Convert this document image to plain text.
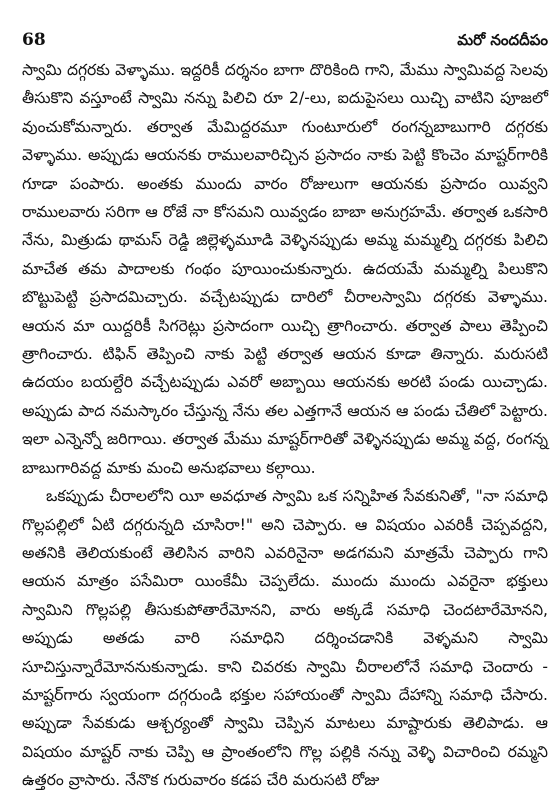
68	మరో నందదీపం

స్వామి దగ్గరకు వెళ్ళాము. ఇద్దరికీ దర్శనం బాగా దొరికింది గాని, మేము స్వామివద్ద సెలవు తీసుకొని వస్తూంటే స్వామి నన్ను పిలిచి రూ 2/-లు, ఐదుపైసలు యిచ్చి వాటిని పూజలో వుంచుకోమన్నారు. తర్వాత మేమిద్దరమూ గుంటూరులో రంగన్నబాబుగారి దగ్గరకు వెళ్ళాము. అప్పుడు ఆయనకు రాములవారిచ్చిన ప్రసాదం నాకు పెట్టి కొంచెం మాష్టర్‌గారికి గూడా పంపారు. అంతకు ముందు వారం రోజులుగా ఆయనకు ప్రసాదం యివ్వని రాములవారు సరిగా ఆ రోజే నా కోసమని యివ్వడం బాబా అనుగ్రహమే. తర్వాత ఒకసారి నేను, మిత్రుడు థామస్ రెడ్డి జిల్లెళ్ళమూడి వెళ్ళినప్పుడు అమ్మ మమ్మల్ని దగ్గరకు పిలిచి మాచేత తమ పాదాలకు గంథం పూయించుకున్నారు. ఉదయమే మమ్మల్ని పిలుకొని బొట్టుపెట్టి ప్రసాదమిచ్చారు. వచ్చేటప్పుడు దారిలో చీరాలస్వామి దగ్గరకు వెళ్ళాము. ఆయన మా యిద్దరికీ సిగరెట్లు ప్రసాదంగా యిచ్చి త్రాగించారు. తర్వాత పాలు తెప్పించి త్రాగించారు. టిఫిన్ తెప్పించి నాకు పెట్టి తర్వాత ఆయన కూడా తిన్నారు. మరుసటి ఉదయం బయల్దేరి వచ్చేటప్పుడు ఎవరో అబ్బాయి ఆయనకు అరటి పండు యిచ్చాడు. అప్పుడు పాద నమస్కారం చేస్తున్న నేను తల ఎత్తగానే ఆయన ఆ పండు చేతిలో పెట్టారు. ఇలా ఎన్నెన్నో జరిగాయి. తర్వాత మేము మాష్టర్‌గారితో వెళ్ళినప్పుడు అమ్మ వద్ద, రంగన్న బాబుగారివద్ద మాకు మంచి అనుభవాలు కల్గాయి.

ఒకప్పుడు చీరాలలోని యీ అవధూత స్వామి ఒక సన్నిహిత సేవకునితో, "నా సమాధి గొల్లపల్లిలో ఏటి దగ్గరున్నది చూసిరా!" అని చెప్పారు. ఆ విషయం ఎవరికీ చెప్పవద్దని, అతనికి తెలియకుంటే తెలిసిన వారిని ఎవరినైనా అడగమని మాత్రమే చెప్పారు గాని ఆయన మాత్రం పసేమిరా యింకేమీ చెప్పలేదు. ముందు ముందు ఎవరైనా భక్తులు స్వామిని గొల్లపల్లి తీసుకుపోతారేమోనని, వారు అక్కడే సమాధి చెందటారేమోనని, అప్పుడు అతడు వారి సమాధిని దర్శించడానికి వెళ్ళమని స్వామి సూచిస్తున్నారేమోననుకున్నాడు. కాని చివరకు స్వామి చీరాలలోనే సమాధి చెందారు - మాష్టర్‌గారు స్వయంగా దగ్గరుండి భక్తుల సహాయంతో స్వామి దేహాన్ని సమాధి చేసారు. అప్పుడా సేవకుడు ఆశ్చర్యంతో స్వామి చెప్పిన మాటలు మాష్టారుకు తెలిపాడు. ఆ విషయం మాష్టర్ నాకు చెప్పి ఆ ప్రాంతంలోని గొల్ల పల్లికి నన్ను వెళ్ళి విచారించి రమ్మని ఉత్తరం వ్రాసారు. నేనొక గురువారం కడప చేరి మరుసటి రోజు
